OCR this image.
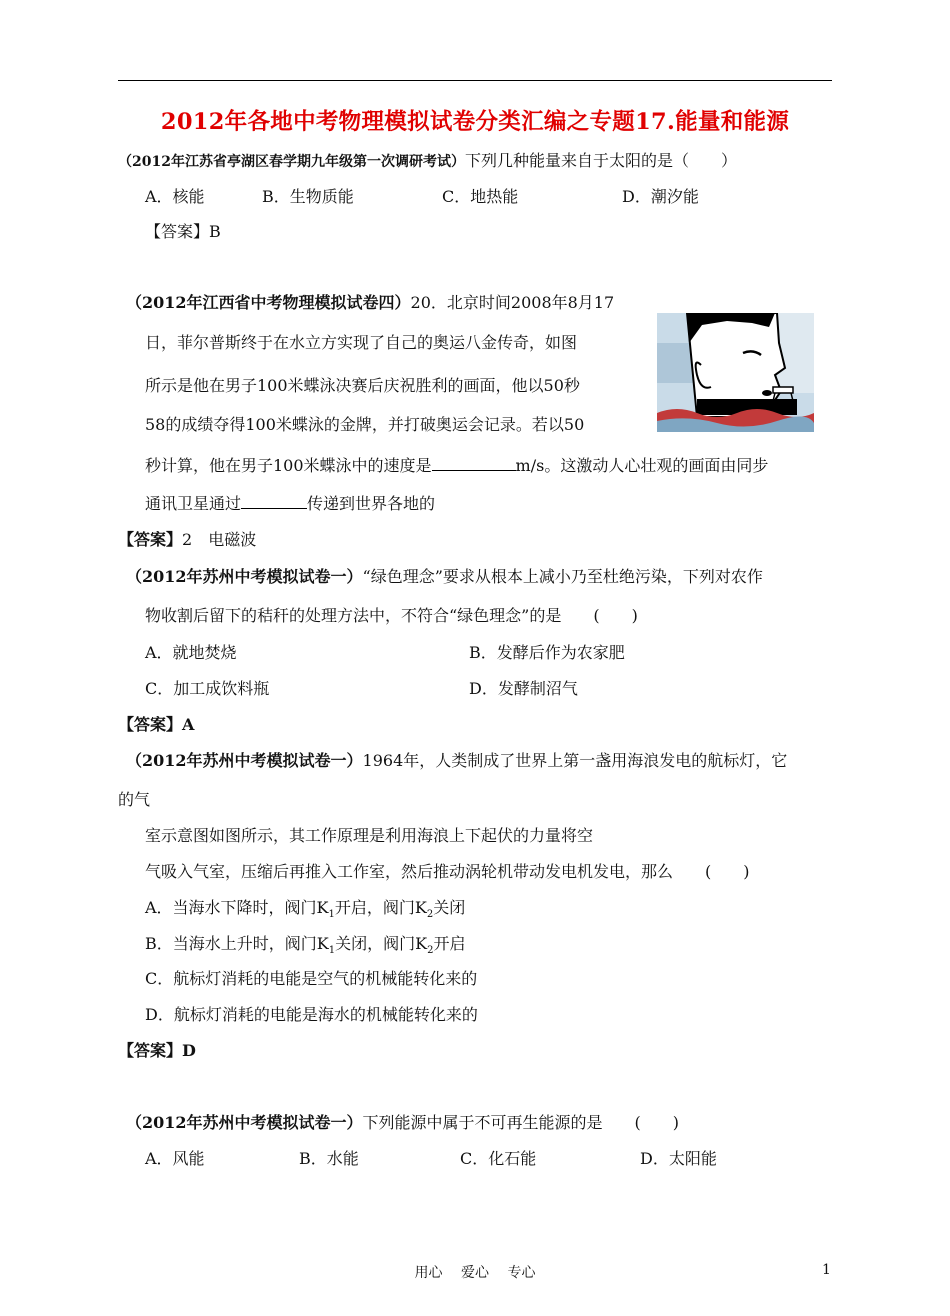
2012年各地中考物理模拟试卷分类汇编之专题17.能量和能源
（2012年江苏省亭湖区春学期九年级第一次调研考试）下列几种能量来自于太阳的是（　　）
A．核能	B．生物质能	C．地热能	D．潮汐能
【答案】B
（2012年江西省中考物理模拟试卷四）20．北京时间2008年8月17
日，菲尔普斯终于在水立方实现了自己的奥运八金传奇，如图
所示是他在男子100米蝶泳决赛后庆祝胜利的画面，他以50秒
58的成绩夺得100米蝶泳的金牌，并打破奥运会记录。若以50
秒计算，他在男子100米蝶泳中的速度是	m/s。这激动人心壮观的画面由同步
通讯卫星通过	传递到世界各地的
【答案】2　电磁波
（2012年苏州中考模拟试卷一）“绿色理念”要求从根本上减小乃至杜绝污染，下列对农作
物收割后留下的秸秆的处理方法中，不符合“绿色理念”的是　　(　　)
A．就地焚烧	B．发酵后作为农家肥
C．加工成饮料瓶	D．发酵制沼气
【答案】A
（2012年苏州中考模拟试卷一）1964年，人类制成了世界上第一盏用海浪发电的航标灯，它
的气
室示意图如图所示，其工作原理是利用海浪上下起伏的力量将空
气吸入气室，压缩后再推入工作室，然后推动涡轮机带动发电机发电，那么　　(　　)
A．当海水下降时，阀门$K_1$开启，阀门$K_2$关闭
B．当海水上升时，阀门$K_1$关闭，阀门$K_2$开启
C．航标灯消耗的电能是空气的机械能转化来的
D．航标灯消耗的电能是海水的机械能转化来的
【答案】D
（2012年苏州中考模拟试卷一）下列能源中属于不可再生能源的是　　(　　)
A．风能	B．水能	C．化石能	D．太阳能
用心　 爱心　 专心	1
